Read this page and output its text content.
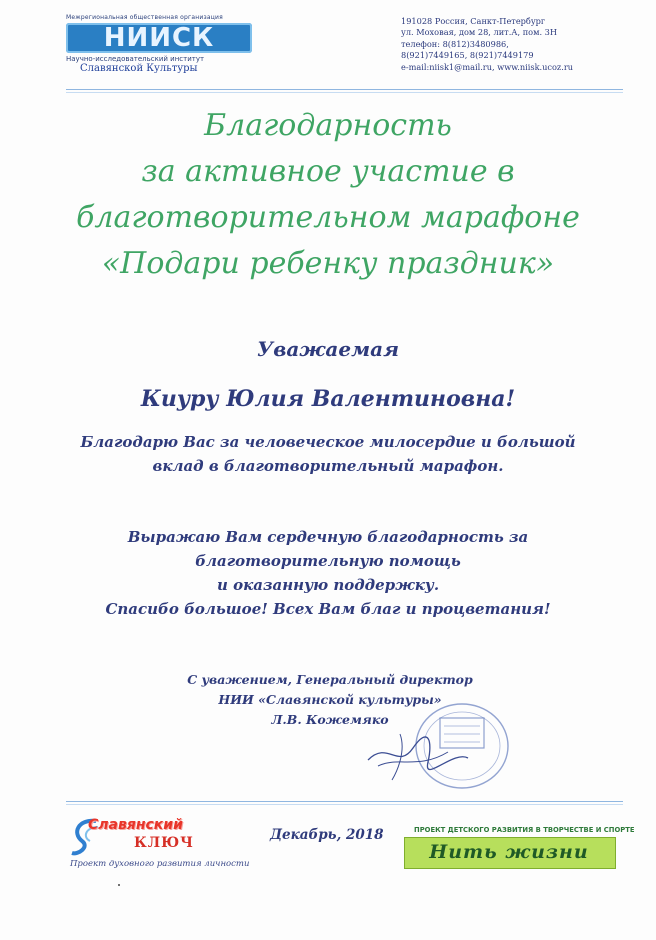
Межрегиональная общественная организация
НИИСК
Научно-исследовательский институт
Славянской Культуры
191028 Россия, Санкт-Петербург
ул. Моховая, дом 28, лит.А, пом. 3Н
телефон: 8(812)3480986,
8(921)7449165, 8(921)7449179
e-mail:niisk1@mail.ru, www.niisk.ucoz.ru
Благодарность
за активное участие в
благотворительном марафоне
«Подари ребенку праздник»
Уважаемая
Киуру Юлия Валентиновна!
Благодарю Вас за человеческое милосердие и большой
вклад в благотворительный марафон.
Выражаю Вам сердечную благодарность за
благотворительную помощь
и оказанную поддержку.
Спасибо большое! Всех Вам благ и процветания!
С уважением, Генеральный директор
НИИ «Славянской культуры»
Л.В. Кожемяко
Декабрь, 2018
Славянский
КЛЮЧ
Проект духовного развития личности
ПРОЕКТ ДЕТСКОГО РАЗВИТИЯ В ТВОРЧЕСТВЕ И СПОРТЕ
Нить жизни
